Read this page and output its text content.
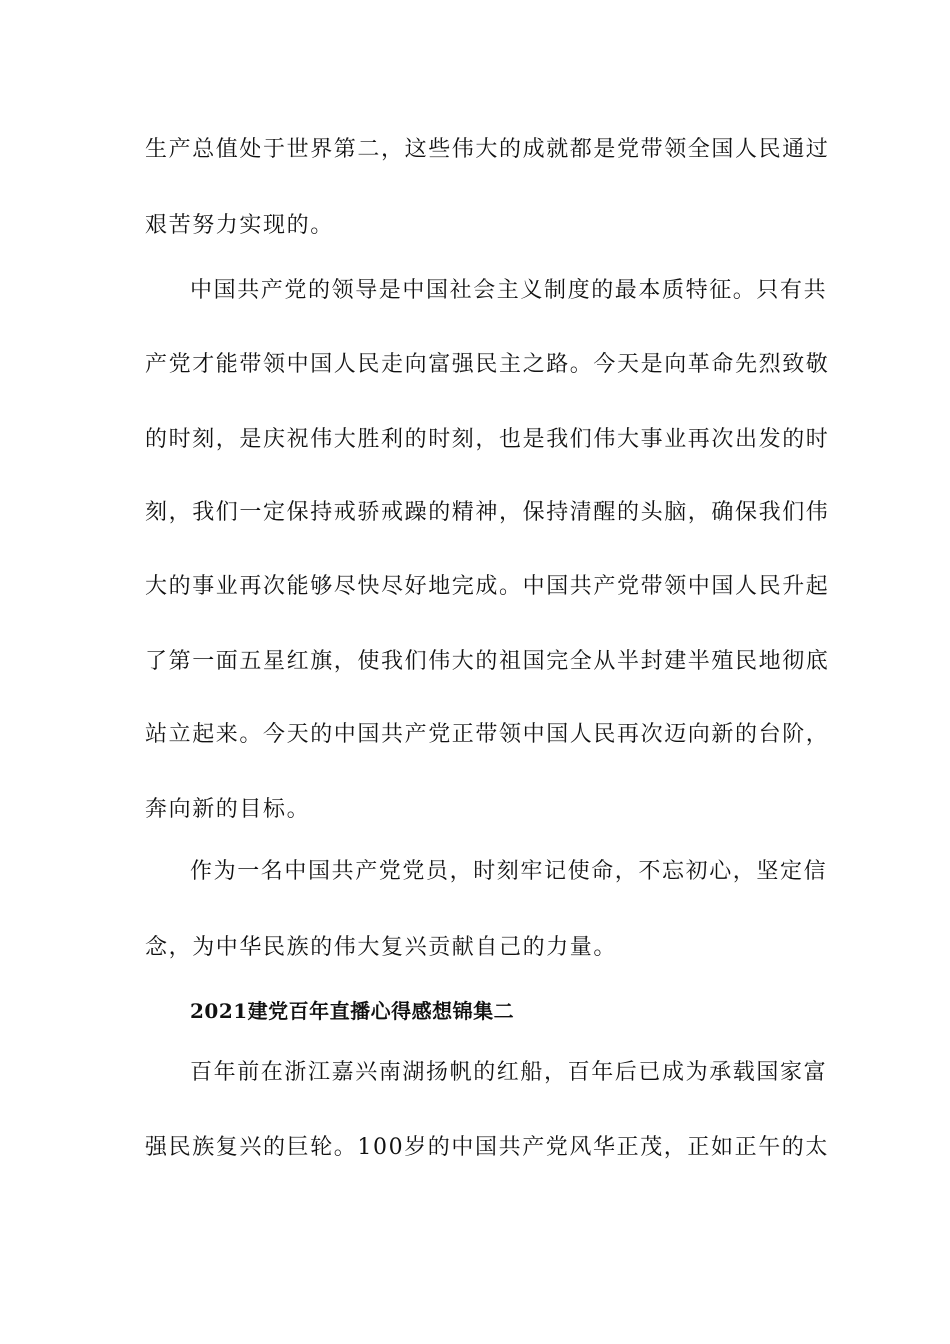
生产总值处于世界第二，这些伟大的成就都是党带领全国人民通过
艰苦努力实现的。
中国共产党的领导是中国社会主义制度的最本质特征。只有共
产党才能带领中国人民走向富强民主之路。今天是向革命先烈致敬
的时刻，是庆祝伟大胜利的时刻，也是我们伟大事业再次出发的时
刻，我们一定保持戒骄戒躁的精神，保持清醒的头脑，确保我们伟
大的事业再次能够尽快尽好地完成。中国共产党带领中国人民升起
了第一面五星红旗，使我们伟大的祖国完全从半封建半殖民地彻底
站立起来。今天的中国共产党正带领中国人民再次迈向新的台阶，
奔向新的目标。
作为一名中国共产党党员，时刻牢记使命，不忘初心，坚定信
念，为中华民族的伟大复兴贡献自己的力量。
2021建党百年直播心得感想锦集二
百年前在浙江嘉兴南湖扬帆的红船，百年后已成为承载国家富
强民族复兴的巨轮。100岁的中国共产党风华正茂，正如正午的太
